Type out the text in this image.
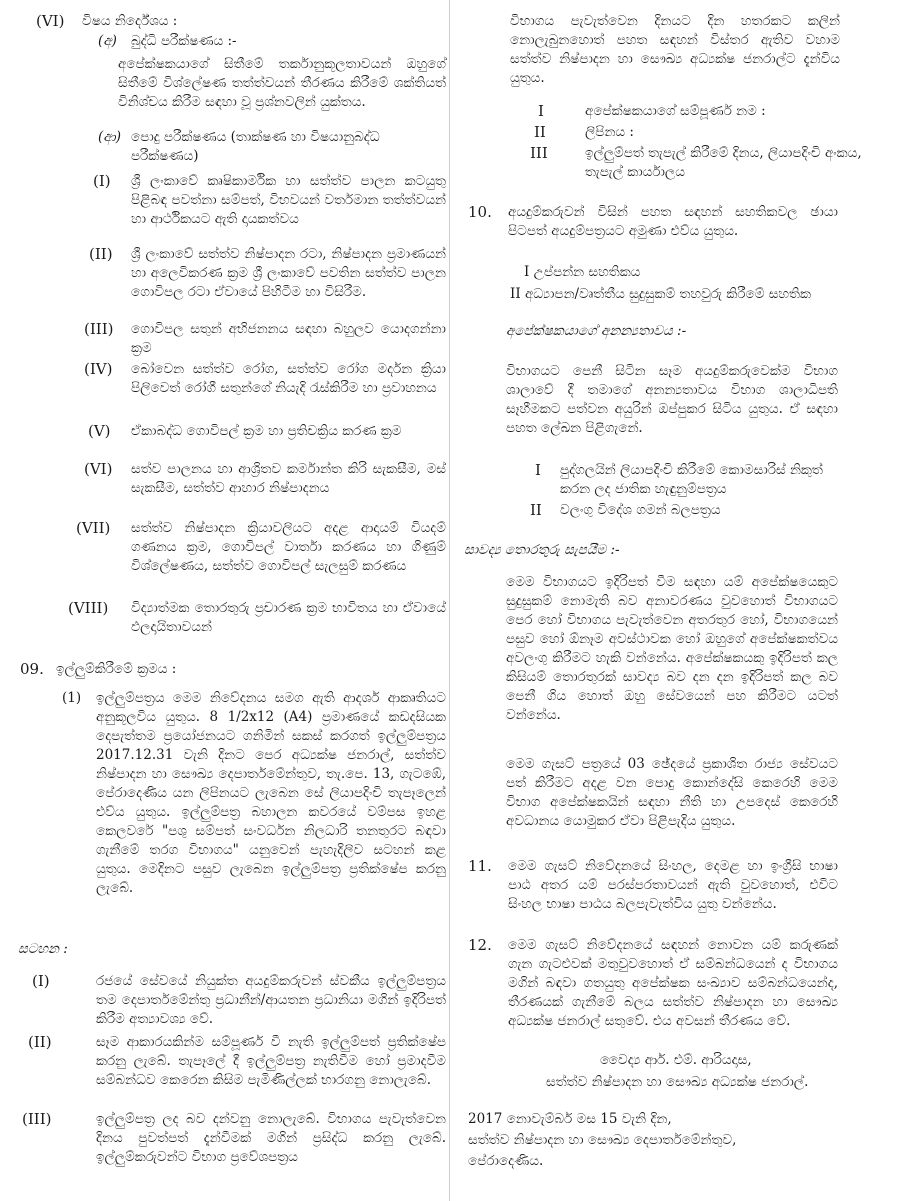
(VI) විෂය නිර්දේශය :
(අ) බුද්ධි පරීක්ෂණය :-
අපේක්ෂකයාගේ සිතීමේ තර්කානුකූලතාවයන් ඔහුගේ සිතීමේ විශ්ලේෂණ තත්ත්වයන් තීරණය කිරීමේ ශක්තියත් විනිශ්චය කිරීම සඳහා වූ ප්‍රශ්නවලින් යුක්තය.
(ආ) පොදු පරීක්ෂණය (තාක්ෂණ හා විෂයානුබද්ධ පරීක්ෂණය)
(I) ශ්‍රී ලංකාවේ කෘෂිකාර්මික හා සත්ත්ව පාලන කටයුතු පිළිබඳ පවත්නා සම්පත්, විභවයන් වර්තමාන තත්ත්වයන් හා ආර්ථිකයට ඇති දායකත්වය
(II) ශ්‍රී ලංකාවේ සත්ත්ව නිෂ්පාදන රටා, නිෂ්පාදන ප්‍රමාණයන් හා අලෙවිකරණ ක්‍රම ශ්‍රී ලංකාවේ පවතින සත්ත්ව පාලන ගොවිපල රටා ඒවායේ පිහිටීම හා විසිරීම.
(III) ගොවිපල සතුන් අභිජනනය සඳහා බහුලව යොදගන්නා ක්‍රම
(IV) බෝවෙන සත්ත්ව රෝග, සත්ත්ව රෝග මර්දන ක්‍රියා පිලිවෙත් රෝගී සතුන්ගේ නියැදි රැස්කිරීම හා ප්‍රවාහනය
(V) ඒකාබද්ධ ගොවිපල් ක්‍රම හා ප්‍රතිචක්‍රිය කරණ ක්‍රම
(VI) සත්ව පාලනය හා ආශ්‍රිතව කර්මාන්ත කිරි සැකසීම, මස් සැකසීම, සත්ත්ව ආහාර නිෂ්පාදනය
(VII) සත්ත්ව නිෂ්පාදන ක්‍රියාවලියට අදළ ආදායම් වියදම් ගණනය ක්‍රම, ගොවිපල් වාර්තා කරණය හා ගිණුම් විශ්ලේෂණය, සත්ත්ව ගොවිපල් සැලසුම් කරණය
(VIII) විද්‍යාත්මක තොරතුරු ප්‍රචාරණ ක්‍රම භාවිතය හා ඒවායේ ඵලදායිතාවයන්
09. ඉල්ලුම්කිරීමේ ක්‍රමය :
(1) ඉල්ලුම්පත්‍රය මෙම නිවේදනය සමග ඇති ආදර්ශ ආකෘතියට අනුකූලවිය යුතුය. 8 1/2x12 (A4) ප්‍රමාණයේ කඩදසියක දෙපැත්තම ප්‍රයෝජනයට ගනිමින් සකස් කරගත් ඉල්ලුම්පත්‍රය 2017.12.31 වැනි දිනට පෙර අධ්‍යක්ෂ ජනරාල්, සත්ත්ව නිෂ්පාදන හා සෞඛ්‍ය දෙපාර්තමේන්තුව, තැ.පෙ. 13, ගැටඹේ, පේරාදෙණිය යන ලිපිනයට ලැබෙන සේ ලියාපදිංචි තැපෑලෙන් එව්ය යුතුය. ඉල්ලුම්පත්‍ර බහාලන කවරයේ වම්පස ඉහළ කෙලවරේ "පශු සම්පත් සංවර්ධන නිලධාරි තනතුරට බඳවා ගැනීමේ තරග විභාගය" යනුවෙන් පැහැදිලිව සටහන් කළ යුතුය. මෙදිනට පසුව ලැබෙන ඉල්ලුම්පත්‍ර ප්‍රතික්ෂේප කරනු ලැබේ.
සටහන :
(I)	රජයේ සේවයේ නියුක්ත අයදුම්කරුවන් ස්වකීය ඉල්ලුම්පත්‍රය තම දෙපාර්තමේන්තු ප්‍රධානීන්/ආයතන ප්‍රධානියා මගින් ඉදිරිපත් කිරීම අත්‍යාවශ්‍ය වේ.
(II)	සෑම ආකාරයකින්ම සම්පූර්ණ වී නැති ඉල්ලුම්පත් ප්‍රතික්ෂේප කරනු ලැබේ. තැපෑලේ දී ඉල්ලුම්පත්‍ර නැතිවීම හෝ ප්‍රමාදවීම සම්බන්ධව කෙරෙන කිසිම පැමිණිල්ලක් භාරගනු නොලැබේ.
(III)	ඉල්ලුම්පත්‍ර ලද බව දන්වනු නොලැබේ. විභාගය පැවැත්වෙන දිනය පුවත්පත් දැන්වීමක් මගින් ප්‍රසිද්ධ කරනු ලැබේ. ඉල්ලුම්කරුවන්ට විභාග ප්‍රවේශපත්‍රය
විභාගය පැවැත්වෙන දිනයට දින හතරකට කලින් නොලැබුනහොත් පහත සඳහන් විස්තර ඇතිව වහාම සත්ත්ව නිෂ්පාදන හා සෞඛ්‍ය අධ්‍යක්ෂ ජනරාල්ට දැන්විය යුතුය.
I	අපේක්ෂකයාගේ සම්පූර්ණ නම :
II	ලිපිනය :
III	ඉල්ලුම්පත් තැපැල් කිරීමේ දිනය, ලියාපදිංචි අංකය, තැපැල් කාර්යාලය
10. අයදුම්කරුවන් විසින් පහත සඳහන් සහතිකවල ඡායා පිටපත් අයදුම්පත්‍රයට අමුණා එව්ය යුතුය.
I උප්පන්න සහතිකය
II අධ්‍යාපන/වෘත්තීය සුදුසුකම් තහවුරු කිරීමේ සහතික
අපේක්ෂකයාගේ අනන්‍යතාවය :-
විභාගයට පෙනී සිටින සෑම අයදුම්කරුවෙක්ම විභාග ශාලාවේ දී තමාගේ අනන්‍යතාවය විභාග ශාලාධිපති සෑහීමකට පත්වන අයුරින් ඔප්පුකර සිටිය යුතුය. ඒ සඳහා පහත ලේඛන පිළිගැනේ.
I පුද්ගලයින් ලියාපදිංචි කිරීමේ කොමසාරිස් නිකුත් කරන ලද ජාතික හැඳුනුම්පත්‍රය
II වලංගු විදේශ ගමන් බලපත්‍රය
සාවද්‍ය තොරතුරු සැපයීම :-
මෙම විභාගයට ඉදිරිපත් වීම සඳහා යම් අපේක්ෂයෙකුට සුදුසුකම් නොමැති බව අනාවරණය වුවහොත් විභාගයට පෙර හෝ විභාගය පැවැත්වෙන අතරතුර හෝ, විභාගයෙන් පසුව හෝ ඕනෑම අවස්ථාවක හෝ ඔහුගේ අපේක්ෂකත්වය අවලංගු කිරීමට හැකි වන්නේය. අපේක්ෂකයකු ඉදිරිපත් කල කිසියම් තොරතුරක් සාවද්‍ය බව දන දන ඉදිරිපත් කල බව පෙනී ගිය හොත් ඔහු සේවයෙන් පහ කිරීමට යටත් වන්නේය.
මෙම ගැසට් පත්‍රයේ 03 ඡේදයේ ප්‍රකාශිත රාජ්‍ය සේවයට පත් කිරීමට අදළ වන පොදු කොන්දේසි කෙරෙහි මෙම විභාග අපේක්ෂකයින් සඳහා නීති හා උපදෙස් කෙරෙහි අවධානය යොමුකර ඒවා පිළිපැදිය යුතුය.
11. මෙම ගැසට් නිවේදනයේ සිංහල, දෙමළ හා ඉංග්‍රීසි භාෂා පාඨ අතර යම් පරස්පරතාවයන් ඇති වුවහොත්, එවිට සිංහල භාෂා පාඨය බලපැවැත්විය යුතු වන්නේය.
12. මෙම ගැසට් නිවේදනයේ සඳහන් නොවන යම් කරුණක් ගැන ගැටළුවක් මතුවුවහොත් ඒ සම්බන්ධයෙන් ද විභාගය මගින් බඳවා ගතයුතු අපේක්ෂක සංඛ්‍යාව සම්බන්ධයෙන්ද, තීරණයක් ගැනීමේ බලය සත්ත්ව නිෂ්පාදන හා සෞඛ්‍ය අධ්‍යක්ෂ ජනරාල් සතුවේ. එය අවසන් තීරණය වේ.
වෛද්‍ය ආර්. එම්. ආරියදාස,
සත්ත්ව නිෂ්පාදන හා සෞඛ්‍ය අධ්‍යක්ෂ ජනරාල්.
2017 නොවැම්බර් මස 15 වැනි දින,
සත්ත්ව නිෂ්පාදන හා සෞඛ්‍ය දෙපාර්තමේන්තුව,
පේරාදෙණිය.
